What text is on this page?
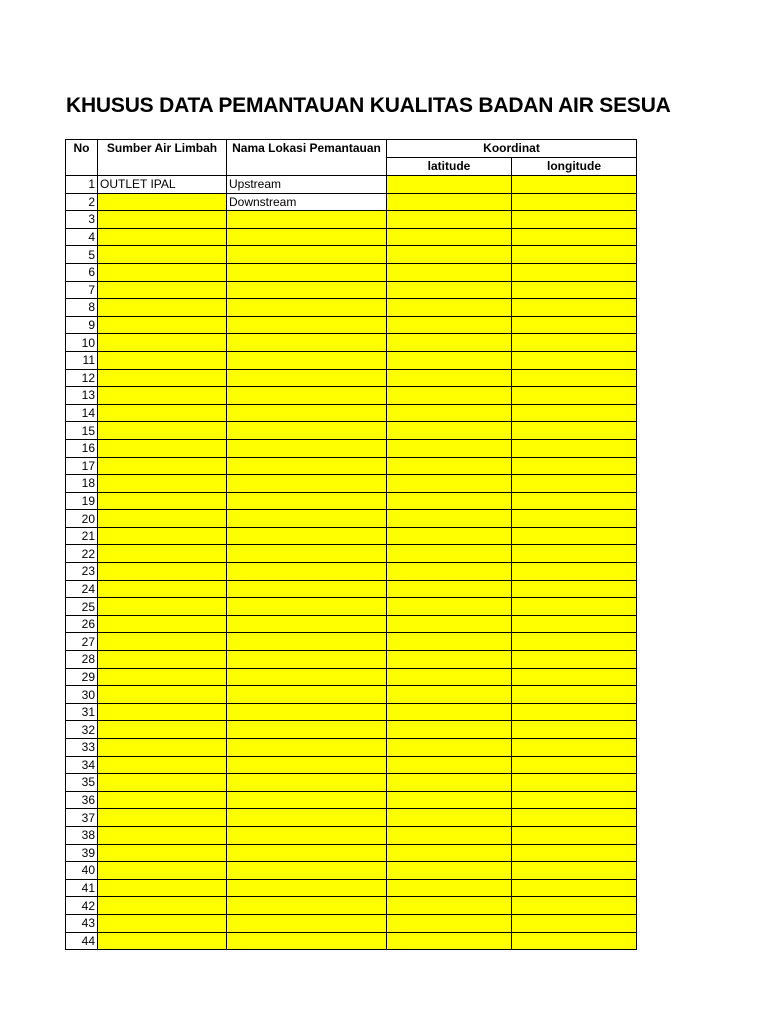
KHUSUS DATA PEMANTAUAN KUALITAS BADAN AIR SESUA
No	Sumber Air Limbah	Nama Lokasi Pemantauan	Koordinat	
			latitude	longitude
1	OUTLET IPAL	Upstream		
2		Downstream		
3				
4				
5				
6				
7				
8				
9				
10				
11				
12				
13				
14				
15				
16				
17				
18				
19				
20				
21				
22				
23				
24				
25				
26				
27				
28				
29				
30				
31				
32				
33				
34				
35				
36				
37				
38				
39				
40				
41				
42				
43				
44				
